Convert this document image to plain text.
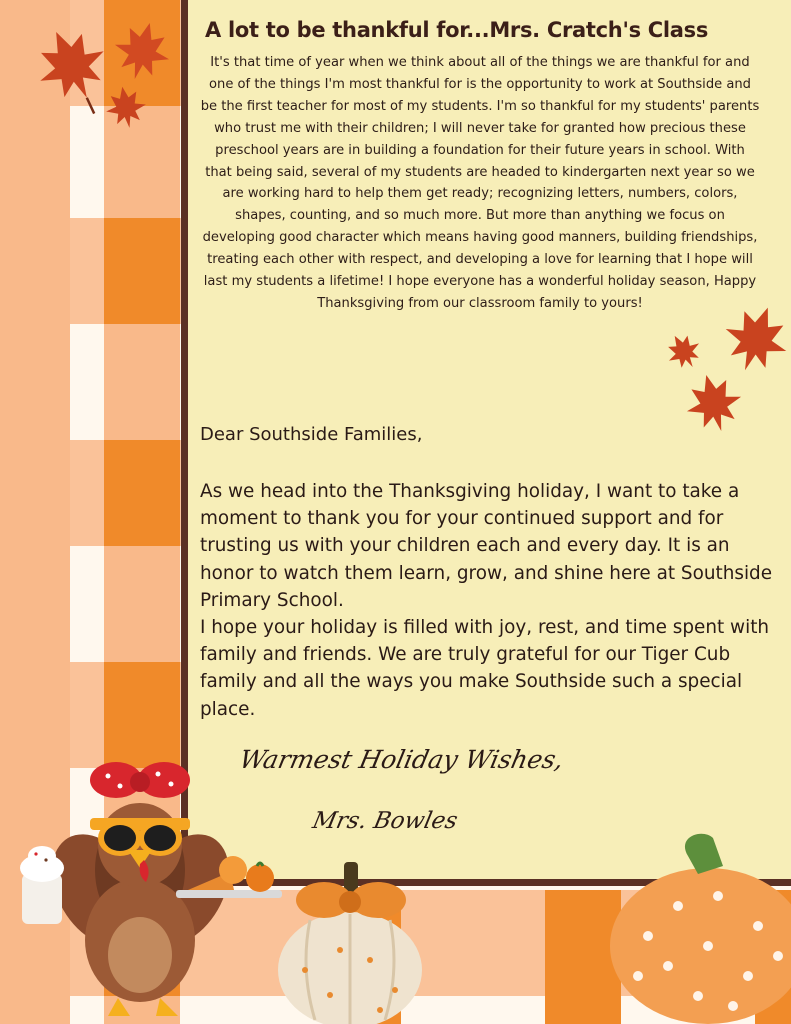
A lot to be thankful for...Mrs. Cratch's Class

It's that time of year when we think about all of the things we are thankful for and one of the things I'm most thankful for is the opportunity to work at Southside and be the first teacher for most of my students. I'm so thankful for my students' parents who trust me with their children; I will never take for granted how precious these preschool years are in building a foundation for their future years in school. With that being said, several of my students are headed to kindergarten next year so we are working hard to help them get ready; recognizing letters, numbers, colors, shapes, counting, and so much more. But more than anything we focus on developing good character which means having good manners, building friendships, treating each other with respect, and developing a love for learning that I hope will last my students a lifetime! I hope everyone has a wonderful holiday season, Happy Thanksgiving from our classroom family to yours!

Dear Southside Families,

As we head into the Thanksgiving holiday, I want to take a moment to thank you for your continued support and for trusting us with your children each and every day. It is an honor to watch them learn, grow, and shine here at Southside Primary School.

I hope your holiday is filled with joy, rest, and time spent with family and friends. We are truly grateful for our Tiger Cub family and all the ways you make Southside such a special place.

Warmest Holiday Wishes,

Mrs. Bowles
